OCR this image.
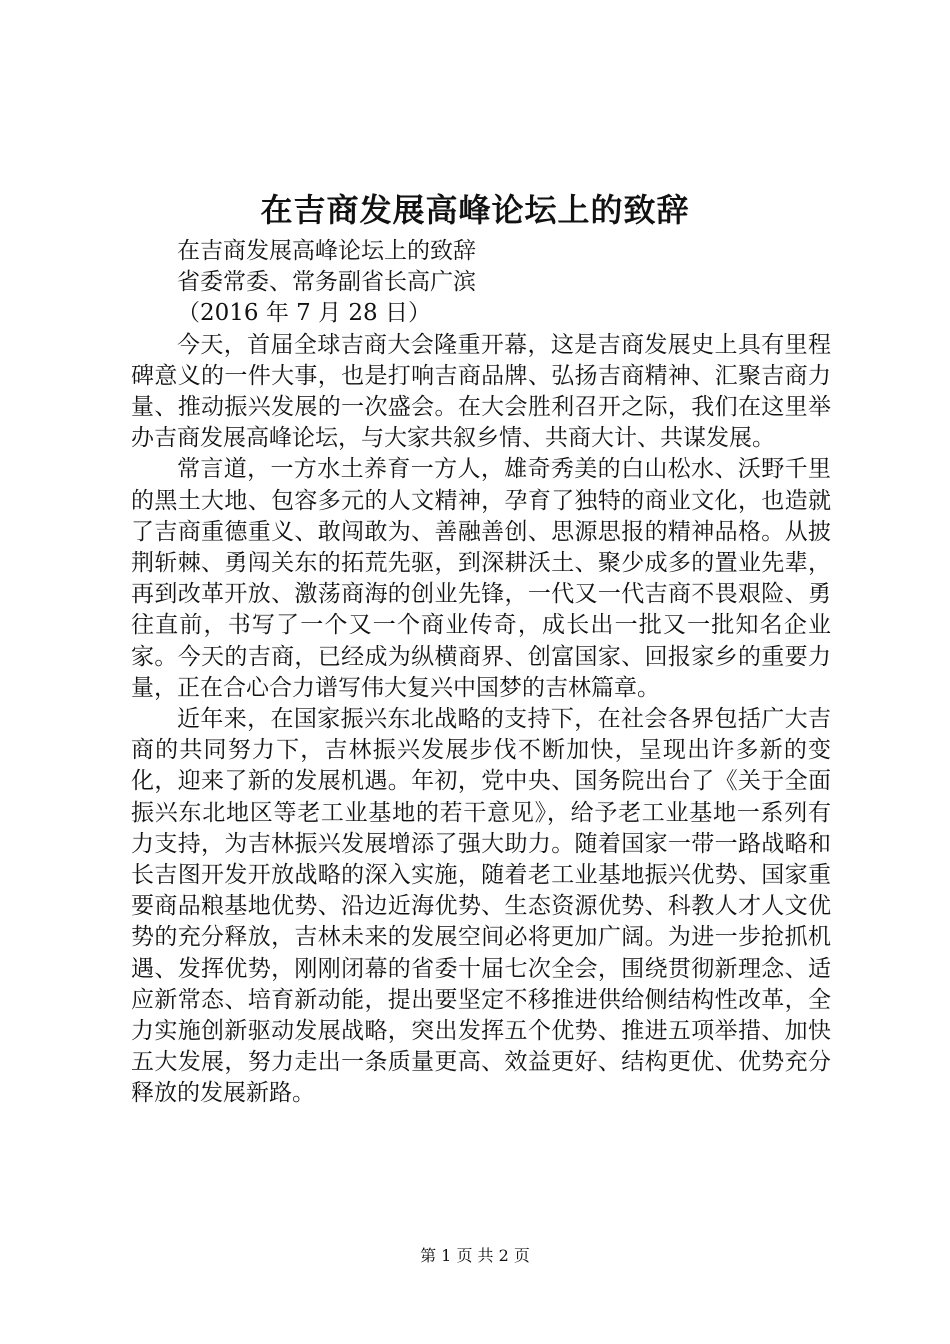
在吉商发展高峰论坛上的致辞

在吉商发展高峰论坛上的致辞

省委常委、常务副省长高广滨

（2016 年 7 月 28 日）

今天，首届全球吉商大会隆重开幕，这是吉商发展史上具有里程碑意义的一件大事，也是打响吉商品牌、弘扬吉商精神、汇聚吉商力量、推动振兴发展的一次盛会。在大会胜利召开之际，我们在这里举办吉商发展高峰论坛，与大家共叙乡情、共商大计、共谋发展。

常言道，一方水土养育一方人，雄奇秀美的白山松水、沃野千里的黑土大地、包容多元的人文精神，孕育了独特的商业文化，也造就了吉商重德重义、敢闯敢为、善融善创、思源思报的精神品格。从披荆斩棘、勇闯关东的拓荒先驱，到深耕沃土、聚少成多的置业先辈，再到改革开放、激荡商海的创业先锋，一代又一代吉商不畏艰险、勇往直前，书写了一个又一个商业传奇，成长出一批又一批知名企业家。今天的吉商，已经成为纵横商界、创富国家、回报家乡的重要力量，正在合心合力谱写伟大复兴中国梦的吉林篇章。

近年来，在国家振兴东北战略的支持下，在社会各界包括广大吉商的共同努力下，吉林振兴发展步伐不断加快，呈现出许多新的变化，迎来了新的发展机遇。年初，党中央、国务院出台了《关于全面振兴东北地区等老工业基地的若干意见》，给予老工业基地一系列有力支持，为吉林振兴发展增添了强大助力。随着国家一带一路战略和长吉图开发开放战略的深入实施，随着老工业基地振兴优势、国家重要商品粮基地优势、沿边近海优势、生态资源优势、科教人才人文优势的充分释放，吉林未来的发展空间必将更加广阔。为进一步抢抓机遇、发挥优势，刚刚闭幕的省委十届七次全会，围绕贯彻新理念、适应新常态、培育新动能，提出要坚定不移推进供给侧结构性改革，全力实施创新驱动发展战略，突出发挥五个优势、推进五项举措、加快五大发展，努力走出一条质量更高、效益更好、结构更优、优势充分释放的发展新路。

第 1 页 共 2 页
